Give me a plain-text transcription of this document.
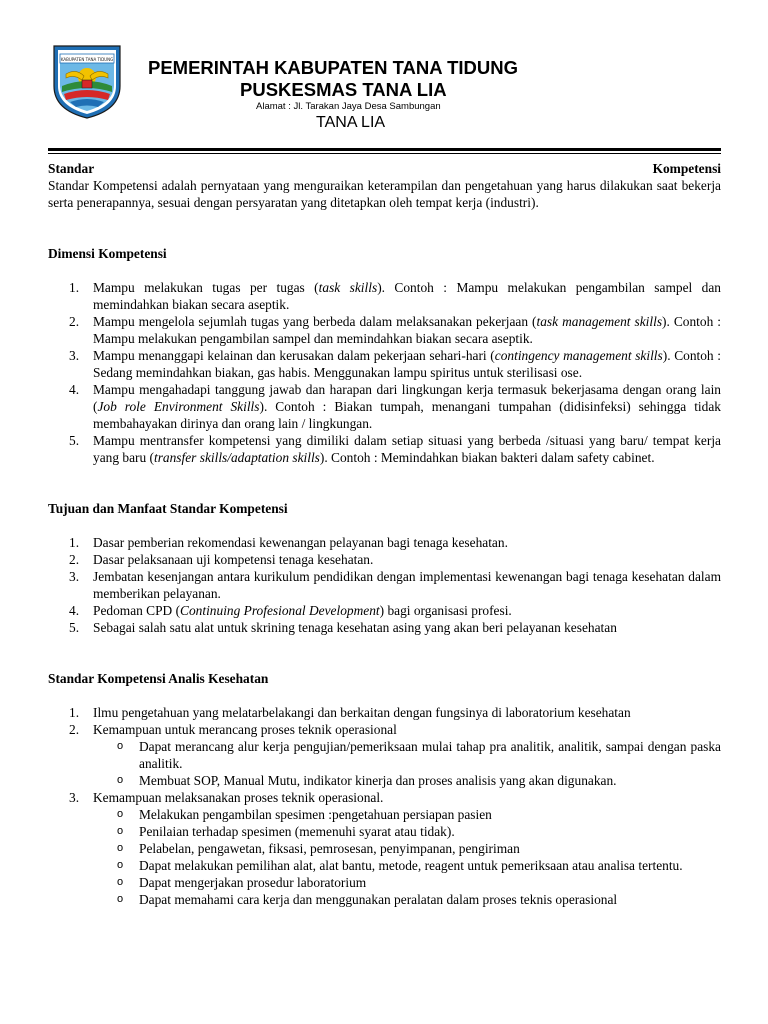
KABUPATEN TANA TIDUNG PEMERINTAH KABUPATEN TANA TIDUNG
PUSKESMAS TANA LIA
Alamat : Jl. Tarakan Jaya Desa Sambungan
TANA LIA
Standar	Kompetensi

Standar Kompetensi adalah pernyataan yang menguraikan keterampilan dan pengetahuan yang harus dilakukan saat bekerja serta penerapannya, sesuai dengan persyaratan yang ditetapkan oleh tempat kerja (industri).

Dimensi Kompetensi

1. Mampu melakukan tugas per tugas (task skills). Contoh : Mampu melakukan pengambilan sampel dan memindahkan biakan secara aseptik.
2. Mampu mengelola sejumlah tugas yang berbeda dalam melaksanakan pekerjaan (task management skills). Contoh : Mampu melakukan pengambilan sampel dan memindahkan biakan secara aseptik.
3. Mampu menanggapi kelainan dan kerusakan dalam pekerjaan sehari-hari (contingency management skills). Contoh : Sedang memindahkan biakan, gas habis. Menggunakan lampu spiritus untuk sterilisasi ose.
4. Mampu mengahadapi tanggung jawab dan harapan dari lingkungan kerja termasuk bekerjasama dengan orang lain (Job role Environment Skills). Contoh : Biakan tumpah, menangani tumpahan (didisinfeksi) sehingga tidak membahayakan dirinya dan orang lain / lingkungan.
5. Mampu mentransfer kompetensi yang dimiliki dalam setiap situasi yang berbeda /situasi yang baru/ tempat kerja yang baru (transfer skills/adaptation skills). Contoh : Memindahkan biakan bakteri dalam safety cabinet.

Tujuan dan Manfaat Standar Kompetensi

1. Dasar pemberian rekomendasi kewenangan pelayanan bagi tenaga kesehatan.
2. Dasar pelaksanaan uji kompetensi tenaga kesehatan.
3. Jembatan kesenjangan antara kurikulum pendidikan dengan implementasi kewenangan bagi tenaga kesehatan dalam memberikan pelayanan.
4. Pedoman CPD (Continuing Profesional Development) bagi organisasi profesi.
5. Sebagai salah satu alat untuk skrining tenaga kesehatan asing yang akan beri pelayanan kesehatan

Standar Kompetensi Analis Kesehatan

1. Ilmu pengetahuan yang melatarbelakangi dan berkaitan dengan fungsinya di laboratorium kesehatan
2. Kemampuan untuk merancang proses teknik operasional
o Dapat merancang alur kerja pengujian/pemeriksaan mulai tahap pra analitik, analitik, sampai dengan paska analitik.
o Membuat SOP, Manual Mutu, indikator kinerja dan proses analisis yang akan digunakan.
3. Kemampuan melaksanakan proses teknik operasional.
o Melakukan pengambilan spesimen :pengetahuan persiapan pasien
o Penilaian terhadap spesimen (memenuhi syarat atau tidak).
o Pelabelan, pengawetan, fiksasi, pemrosesan, penyimpanan, pengiriman
o Dapat melakukan pemilihan alat, alat bantu, metode, reagent untuk pemeriksaan atau analisa tertentu.
o Dapat mengerjakan prosedur laboratorium
o Dapat memahami cara kerja dan menggunakan peralatan dalam proses teknis operasional
